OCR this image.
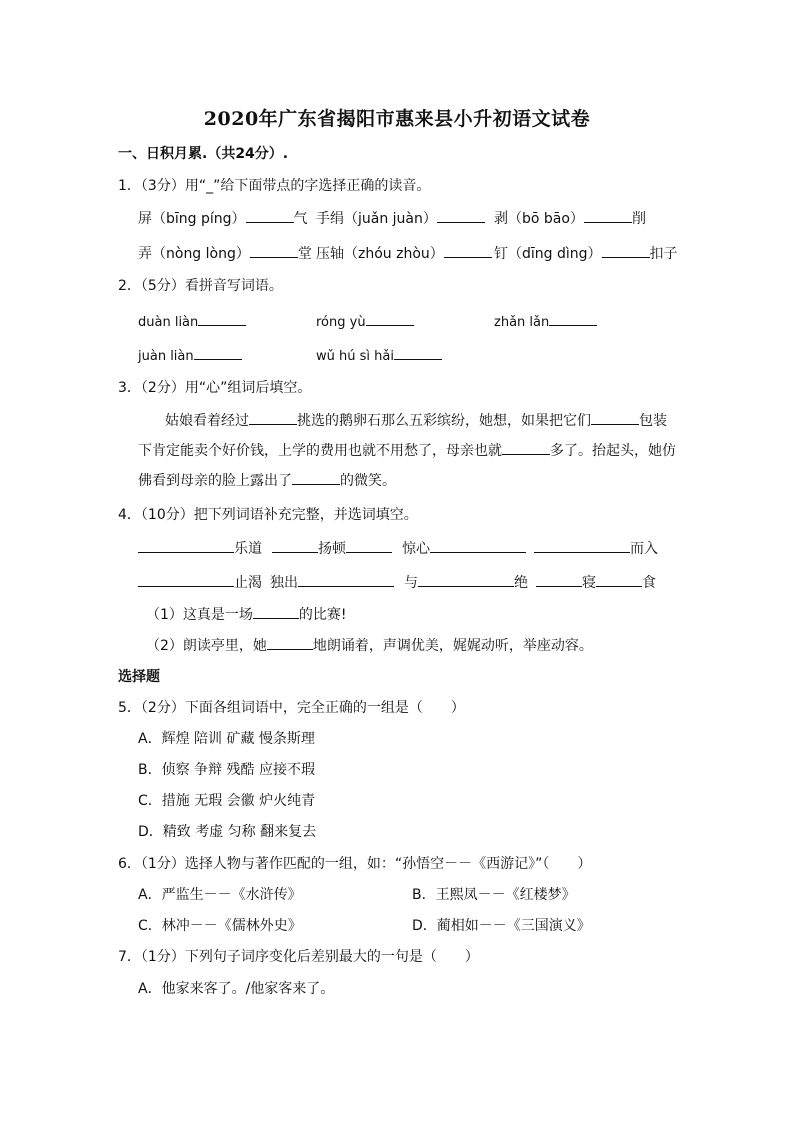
2020年广东省揭阳市惠来县小升初语文试卷
一、日积月累.（共24分）.
1．（3分）用“_”给下面带点的字选择正确的读音。
屏（bīng píng）	气 手绢（juǎn juàn）	剥（bō bāo）	削
弄（nòng lòng）	堂 压轴（zhóu zhòu）	钉（dīng dìng）	扣子
2．（5分）看拼音写词语。
duàn liàn	róng yù	zhǎn lǎn
juàn liàn	wǔ hú sì hǎi
3．（2分）用“心”组词后填空。
姑娘看着经过	挑选的鹅卵石那么五彩缤纷，她想，如果把它们	包装
下肯定能卖个好价钱，上学的费用也就不用愁了，母亲也就	多了。抬起头，她仿
佛看到母亲的脸上露出了	的微笑。
4．（10分）把下列词语补充完整，并选词填空。
乐道	扬顿	惊心	而入
止渴 独出	与	绝	寝	食
（1）这真是一场	的比赛!
（2）朗读亭里，她	地朗诵着，声调优美，娓娓动听，举座动容。
选择题
5．（2分）下面各组词语中，完全正确的一组是（　　）
A．辉煌 陪训 矿藏 慢条斯理
B．侦察 争辩 残酷 应接不瑕
C．措施 无瑕 会徽 炉火纯青
D．精致 考虚 匀称 翻来复去
6．（1分）选择人物与著作匹配的一组，如：“孙悟空－－《西游记》”（　　）
A．严监生－－《水浒传》	B．王熙凤－－《红楼梦》
C．林冲－－《儒林外史》	D．蔺相如－－《三国演义》
7．（1分）下列句子词序变化后差别最大的一句是（　　）
A．他家来客了。/他家客来了。
